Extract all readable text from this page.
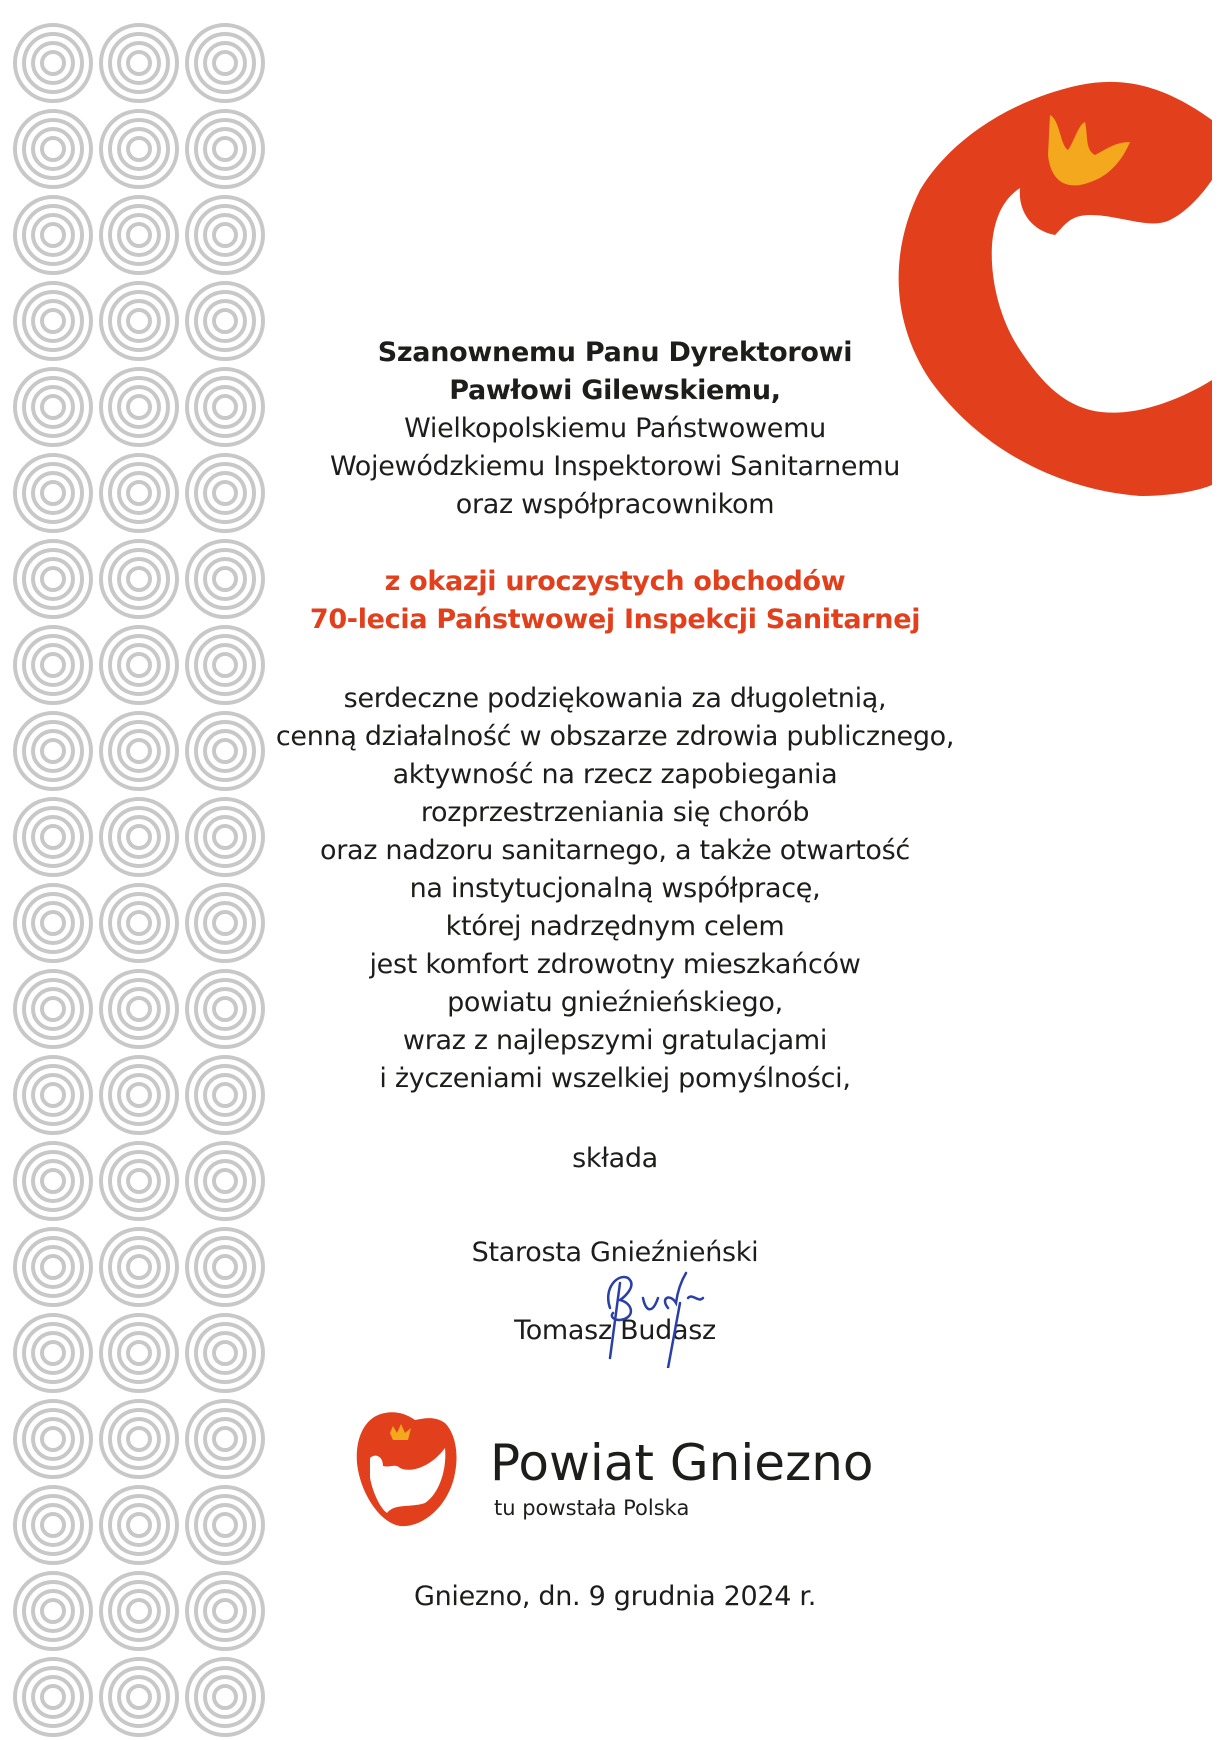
Szanownemu Panu Dyrektorowi
Pawłowi Gilewskiemu,
Wielkopolskiemu Państwowemu
Wojewódzkiemu Inspektorowi Sanitarnemu
oraz współpracownikom
z okazji uroczystych obchodów
70-lecia Państwowej Inspekcji Sanitarnej
serdeczne podziękowania za długoletnią,
cenną działalność w obszarze zdrowia publicznego,
aktywność na rzecz zapobiegania
rozprzestrzeniania się chorób
oraz nadzoru sanitarnego, a także otwartość
na instytucjonalną współpracę,
której nadrzędnym celem
jest komfort zdrowotny mieszkańców
powiatu gnieźnieńskiego,
wraz z najlepszymi gratulacjami
i życzeniami wszelkiej pomyślności,
składa
Starosta Gnieźnieński
Tomasz Budasz
Powiat Gniezno
tu powstała Polska
Gniezno, dn. 9 grudnia 2024 r.
